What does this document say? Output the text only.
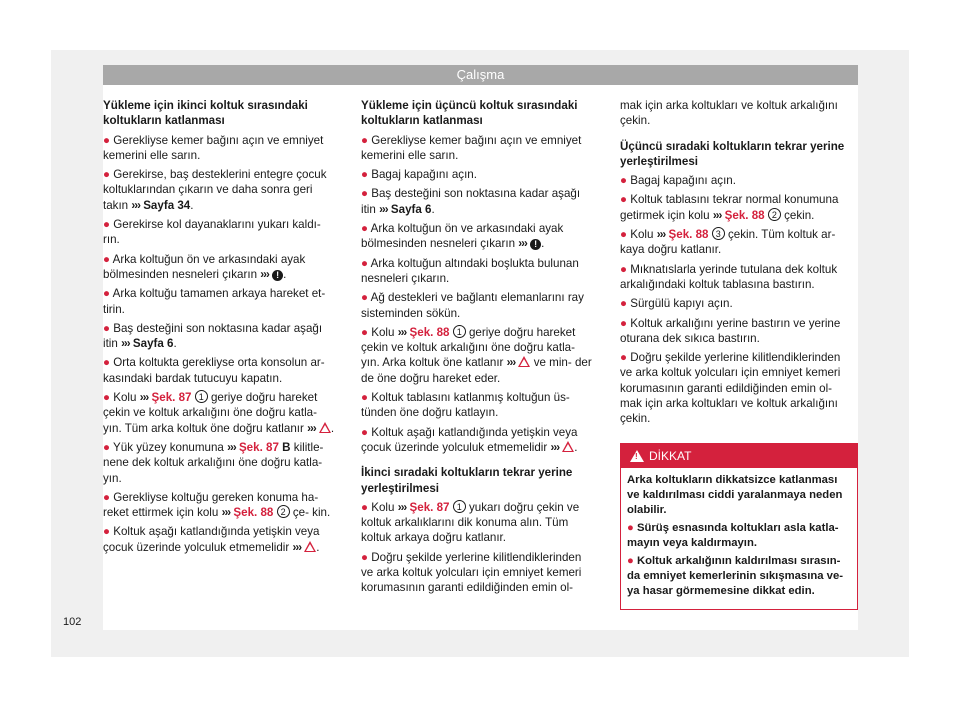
Çalışma
102
Yükleme için ikinci koltuk sırasındaki koltukların katlanması
● Gerekliyse kemer bağını açın ve emniyet kemerini elle sarın.
● Gerekirse, baş desteklerini entegre çocuk koltuklarından çıkarın ve daha sonra geri takın ››› Sayfa 34.
● Gerekirse kol dayanaklarını yukarı kaldı- rın.
● Arka koltuğun ön ve arkasındaki ayak bölmesinden nesneleri çıkarın ››› ! .
● Arka koltuğu tamamen arkaya hareket et- tirin.
● Baş desteğini son noktasına kadar aşağı itin ››› Sayfa 6.
● Orta koltukta gerekliyse orta konsolun ar- kasındaki bardak tutucuyu kapatın.
● Kolu ››› Şek. 87 1 geriye doğru hareket çekin ve koltuk arkalığını öne doğru katla- yın. Tüm arka koltuk öne doğru katlanır ››› .
● Yük yüzey konumuna ››› Şek. 87 B kilitle- nene dek koltuk arkalığını öne doğru katla- yın.
● Gerekliyse koltuğu gereken konuma ha- reket ettirmek için kolu ››› Şek. 88 2 çe- kin.
● Koltuk aşağı katlandığında yetişkin veya çocuk üzerinde yolculuk etmemelidir ››› .
Yükleme için üçüncü koltuk sırasındaki koltukların katlanması
● Gerekliyse kemer bağını açın ve emniyet kemerini elle sarın.
● Bagaj kapağını açın.
● Baş desteğini son noktasına kadar aşağı itin ››› Sayfa 6.
● Arka koltuğun ön ve arkasındaki ayak bölmesinden nesneleri çıkarın ››› ! .
● Arka koltuğun altındaki boşlukta bulunan nesneleri çıkarın.
● Ağ destekleri ve bağlantı elemanlarını ray sisteminden sökün.
● Kolu ››› Şek. 88 1 geriye doğru hareket çekin ve koltuk arkalığını öne doğru katla- yın. Arka koltuk öne katlanır ››› ve min- der de öne doğru hareket eder.
● Koltuk tablasını katlanmış koltuğun üs- tünden öne doğru katlayın.
● Koltuk aşağı katlandığında yetişkin veya çocuk üzerinde yolculuk etmemelidir ››› .
İkinci sıradaki koltukların tekrar yerine yerleştirilmesi
● Kolu ››› Şek. 87 1 yukarı doğru çekin ve koltuk arkalıklarını dik konuma alın. Tüm koltuk arkaya doğru katlanır.
● Doğru şekilde yerlerine kilitlendiklerinden ve arka koltuk yolcuları için emniyet kemeri korumasının garanti edildiğinden emin ol-
mak için arka koltukları ve koltuk arkalığını çekin.
Üçüncü sıradaki koltukların tekrar yerine yerleştirilmesi
● Bagaj kapağını açın.
● Koltuk tablasını tekrar normal konumuna getirmek için kolu ››› Şek. 88 2 çekin.
● Kolu ››› Şek. 88 3 çekin. Tüm koltuk ar- kaya doğru katlanır.
● Mıknatıslarla yerinde tutulana dek koltuk arkalığındaki koltuk tablasına bastırın.
● Sürgülü kapıyı açın.
● Koltuk arkalığını yerine bastırın ve yerine oturana dek sıkıca bastırın.
● Doğru şekilde yerlerine kilitlendiklerinden ve arka koltuk yolcuları için emniyet kemeri korumasının garanti edildiğinden emin ol- mak için arka koltukları ve koltuk arkalığını çekin.
!
DİKKAT
Arka koltukların dikkatsizce katlanması ve kaldırılması ciddi yaralanmaya neden olabilir.
● Sürüş esnasında koltukları asla katla- mayın veya kaldırmayın.
● Koltuk arkalığının kaldırılması sırasın- da emniyet kemerlerinin sıkışmasına ve- ya hasar görmemesine dikkat edin.
